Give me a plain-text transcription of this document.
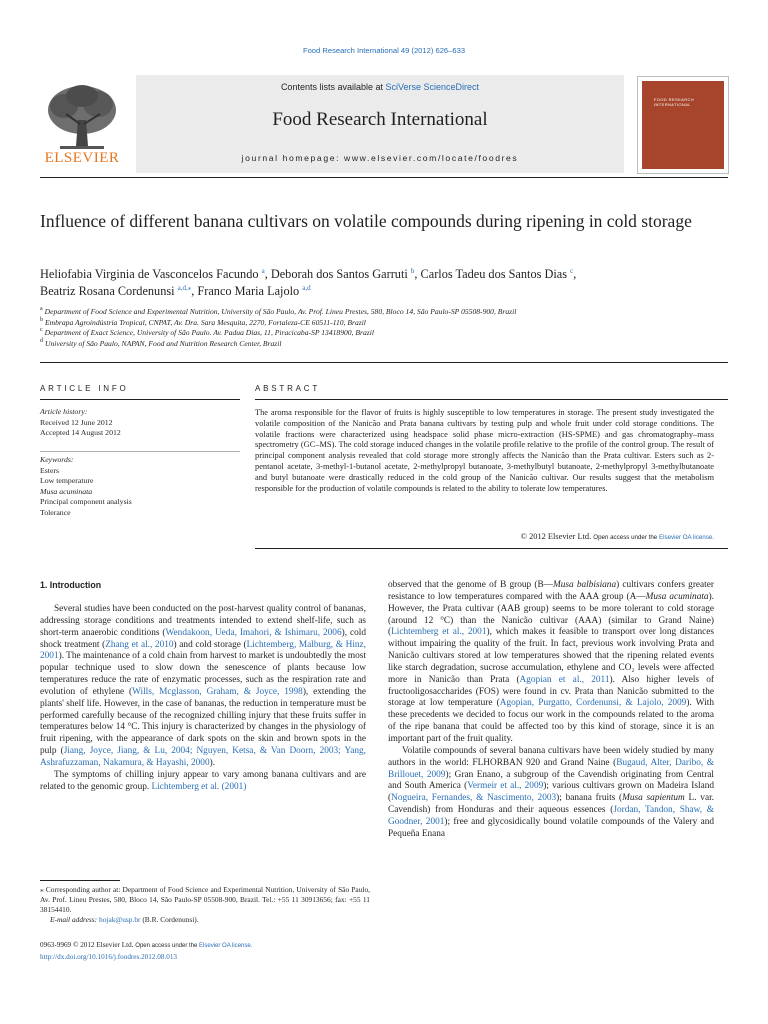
Food Research International 49 (2012) 626–633
Contents lists available at SciVerse ScienceDirect
Food Research International
journal homepage: www.elsevier.com/locate/foodres
ELSEVIER
FOOD RESEARCH INTERNATIONAL
Influence of different banana cultivars on volatile compounds during ripening in cold storage
Heliofabia Virginia de Vasconcelos Facundo $^a$, Deborah dos Santos Garruti $^b$, Carlos Tadeu dos Santos Dias $^c$,
Beatriz Rosana Cordenunsi $^{a,d,⁎}$, Franco Maria Lajolo $^{a,d}$
$^a$ Department of Food Science and Experimental Nutrition, University of São Paulo, Av. Prof. Lineu Prestes, 580, Bloco 14, São Paulo-SP 05508-900, Brazil
$^b$ Embrapa Agroindústria Tropical, CNPAT, Av. Dra. Sara Mesquita, 2270, Fortaleza-CE 60511-110, Brazil
$^c$ Department of Exact Science, University of São Paulo. Av. Padua Dias, 11, Piracicaba-SP 13418900, Brazil
$^d$ University of São Paulo, NAPAN, Food and Nutrition Research Center, Brazil
ARTICLE INFO
Article history:
Received 12 June 2012
Accepted 14 August 2012
Keywords:
Esters
Low temperature
Musa acuminata
Principal component analysis
Tolerance
ABSTRACT
The aroma responsible for the flavor of fruits is highly susceptible to low temperatures in storage. The present study investigated the volatile composition of the Nanicão and Prata banana cultivars by testing pulp and whole fruit under cold storage conditions. The volatile fractions were characterized using headspace solid phase micro-extraction (HS-SPME) and gas chromatography–mass spectrometry (GC–MS). The cold storage induced changes in the volatile profile relative to the profile of the control group. The result of principal component analysis revealed that cold storage more strongly affects the Nanicão than the Prata cultivar. Esters such as 2-pentanol acetate, 3-methyl-1-butanol acetate, 2-methylpropyl butanoate, 3-methylbutyl butanoate, 2-methylpropyl 3-methylbutanoate and butyl butanoate were drastically reduced in the cold group of the Nanicão cultivar. Our results suggest that the metabolism responsible for the production of volatile compounds is related to the ability to tolerate low temperatures.
© 2012 Elsevier Ltd. Open access under the Elsevier OA license.
1. Introduction

Several studies have been conducted on the post-harvest quality control of bananas, addressing storage conditions and treatments intended to extend shelf-life, such as short-term anaerobic conditions (Wendakoon, Ueda, Imahori, & Ishimaru, 2006), cold shock treatment (Zhang et al., 2010) and cold storage (Lichtemberg, Malburg, & Hinz, 2001). The maintenance of a cold chain from harvest to market is undoubtedly the most popular technique used to slow down the senescence of plants because low temperatures reduce the rate of enzymatic processes, such as the respiration rate and evolution of ethylene (Wills, Mcglasson, Graham, & Joyce, 1998), extending the plants' shelf life. However, in the case of bananas, the reduction in temperature must be performed carefully because of the recognized chilling injury that these fruits suffer in temperatures below 14 °C. This injury is characterized by changes in the physiology of fruit ripening, with the appearance of dark spots on the skin and brown spots in the pulp (Jiang, Joyce, Jiang, & Lu, 2004; Nguyen, Ketsa, & Van Doorn, 2003; Yang, Ashrafuzzaman, Nakamura, & Hayashi, 2000).

The symptoms of chilling injury appear to vary among banana cultivars and are related to the genomic group. Lichtemberg et al. (2001)

⁎ Corresponding author at: Department of Food Science and Experimental Nutrition, University of São Paulo, Av. Prof. Lineu Prestes, 580, Bloco 14, São Paulo-SP 05508-900, Brazil. Tel.: +55 11 30913656; fax: +55 11 38154410.
E-mail address: hojak@usp.br (B.R. Cordenunsi).
0963-9969 © 2012 Elsevier Ltd. Open access under the Elsevier OA license.
http://dx.doi.org/10.1016/j.foodres.2012.08.013

observed that the genome of B group (B—Musa balbisiana) cultivars confers greater resistance to low temperatures compared with the AAA group (A—Musa acuminata). However, the Prata cultivar (AAB group) seems to be more tolerant to cold storage (around 12 °C) than the Nanicão cultivar (AAA) (similar to Grand Naine) (Lichtemberg et al., 2001), which makes it feasible to transport over long distances without impairing the quality of the fruit. In fact, previous work involving Prata and Nanicão cultivars stored at low temperatures showed that the ripening related events like starch degradation, sucrose accumulation, ethylene and CO₂ levels were affected more in Nanicão than Prata (Agopian et al., 2011). Also higher levels of fructooligosaccharides (FOS) were found in cv. Prata than Nanicão submitted to the storage at low temperature (Agopian, Purgatto, Cordenunsi, & Lajolo, 2009). With these precedents we decided to focus our work in the compounds related to the aroma of the ripe banana that could be affected too by this kind of storage, since it is an important part of the fruit quality.

Volatile compounds of several banana cultivars have been widely studied by many authors in the world: FLHORBAN 920 and Grand Naine (Bugaud, Alter, Daribo, & Brillouet, 2009); Gran Enano, a subgroup of the Cavendish originating from Central and South America (Vermeir et al., 2009); various cultivars grown on Madeira Island (Nogueira, Fernandes, & Nascimento, 2003); banana fruits (Musa sapientum L. var. Cavendish) from Honduras and their aqueous essences (Jordan, Tandon, Shaw, & Goodner, 2001); free and glycosidically bound volatile compounds of the Valery and Pequeña Enana
